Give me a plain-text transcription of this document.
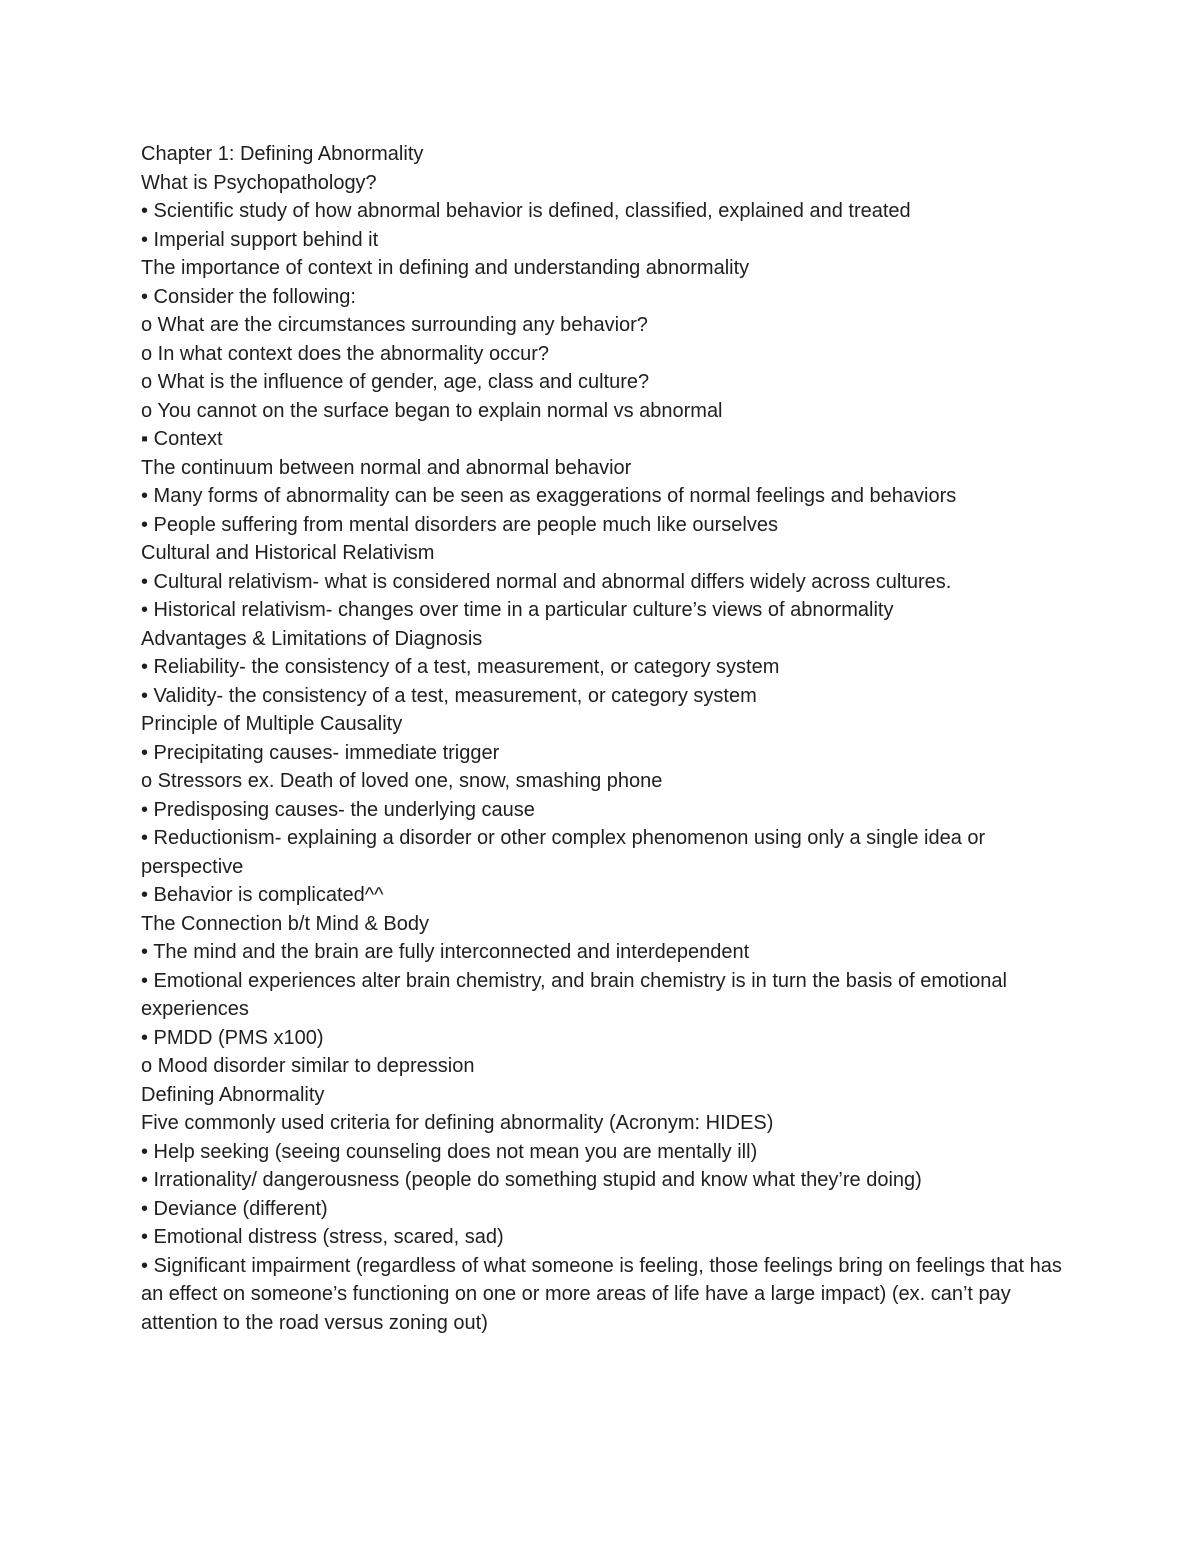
Chapter 1: Defining Abnormality

What is Psychopathology?

• Scientific study of how abnormal behavior is defined, classified, explained and treated

• Imperial support behind it

The importance of context in defining and understanding abnormality

• Consider the following:

o What are the circumstances surrounding any behavior?

o In what context does the abnormality occur?

o What is the influence of gender, age, class and culture?

o You cannot on the surface began to explain normal vs abnormal

▪ Context

The continuum between normal and abnormal behavior

• Many forms of abnormality can be seen as exaggerations of normal feelings and behaviors

• People suffering from mental disorders are people much like ourselves

Cultural and Historical Relativism

• Cultural relativism- what is considered normal and abnormal differs widely across cultures.

• Historical relativism- changes over time in a particular culture’s views of abnormality

Advantages & Limitations of Diagnosis

• Reliability- the consistency of a test, measurement, or category system

• Validity- the consistency of a test, measurement, or category system

Principle of Multiple Causality

• Precipitating causes- immediate trigger

o Stressors ex. Death of loved one, snow, smashing phone

• Predisposing causes- the underlying cause

• Reductionism- explaining a disorder or other complex phenomenon using only a single idea or perspective

• Behavior is complicated^^

The Connection b/t Mind & Body

• The mind and the brain are fully interconnected and interdependent

• Emotional experiences alter brain chemistry, and brain chemistry is in turn the basis of emotional experiences

• PMDD (PMS x100)

o Mood disorder similar to depression

Defining Abnormality

Five commonly used criteria for defining abnormality (Acronym: HIDES)

• Help seeking (seeing counseling does not mean you are mentally ill)

• Irrationality/ dangerousness (people do something stupid and know what they’re doing)

• Deviance (different)

• Emotional distress (stress, scared, sad)

• Significant impairment (regardless of what someone is feeling, those feelings bring on feelings that has an effect on someone’s functioning on one or more areas of life have a large impact) (ex. can’t pay attention to the road versus zoning out)
